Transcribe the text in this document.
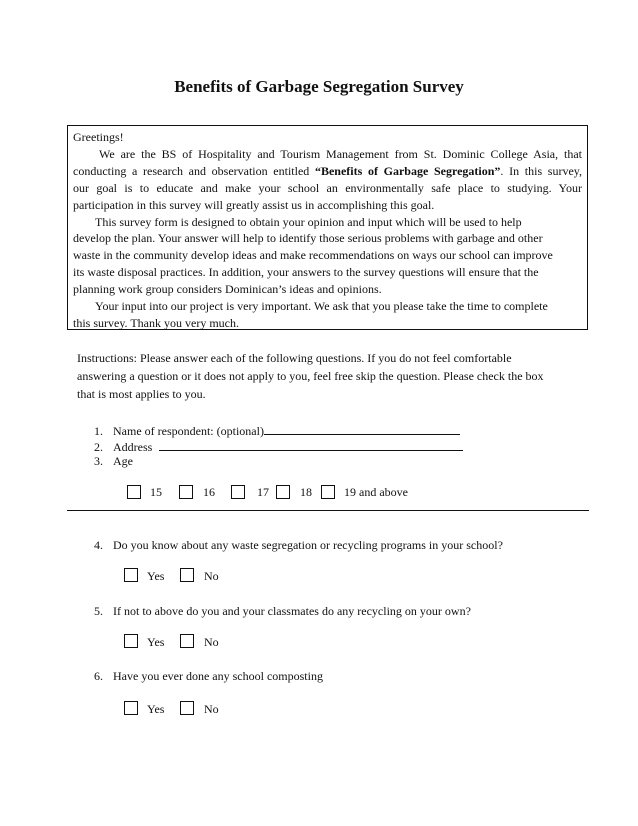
Benefits of Garbage Segregation Survey

Greetings!

We are the BS of Hospitality and Tourism Management from St. Dominic College Asia, that
conducting a research and observation entitled “Benefits of Garbage Segregation”. In this survey,
our goal is to educate and make your school an environmentally safe place to studying. Your
participation in this survey will greatly assist us in accomplishing this goal.
This survey form is designed to obtain your opinion and input which will be used to help
develop the plan. Your answer will help to identify those serious problems with garbage and other
waste in the community develop ideas and make recommendations on ways our school can improve
its waste disposal practices. In addition, your answers to the survey questions will ensure that the
planning work group considers Dominican’s ideas and opinions.
Your input into our project is very important. We ask that you please take the time to complete
this survey. Thank you very much.
Instructions: Please answer each of the following questions. If you do not feel comfortable
answering a question or it does not apply to you, feel free skip the question. Please check the box
that is most applies to you.
1. Name of respondent: (optional)
2. Address
3. Age
15	16	17	18	19 and above
4. Do you know about any waste segregation or recycling programs in your school?
Yes	No
5. If not to above do you and your classmates do any recycling on your own?
Yes	No
6. Have you ever done any school composting
Yes	No
